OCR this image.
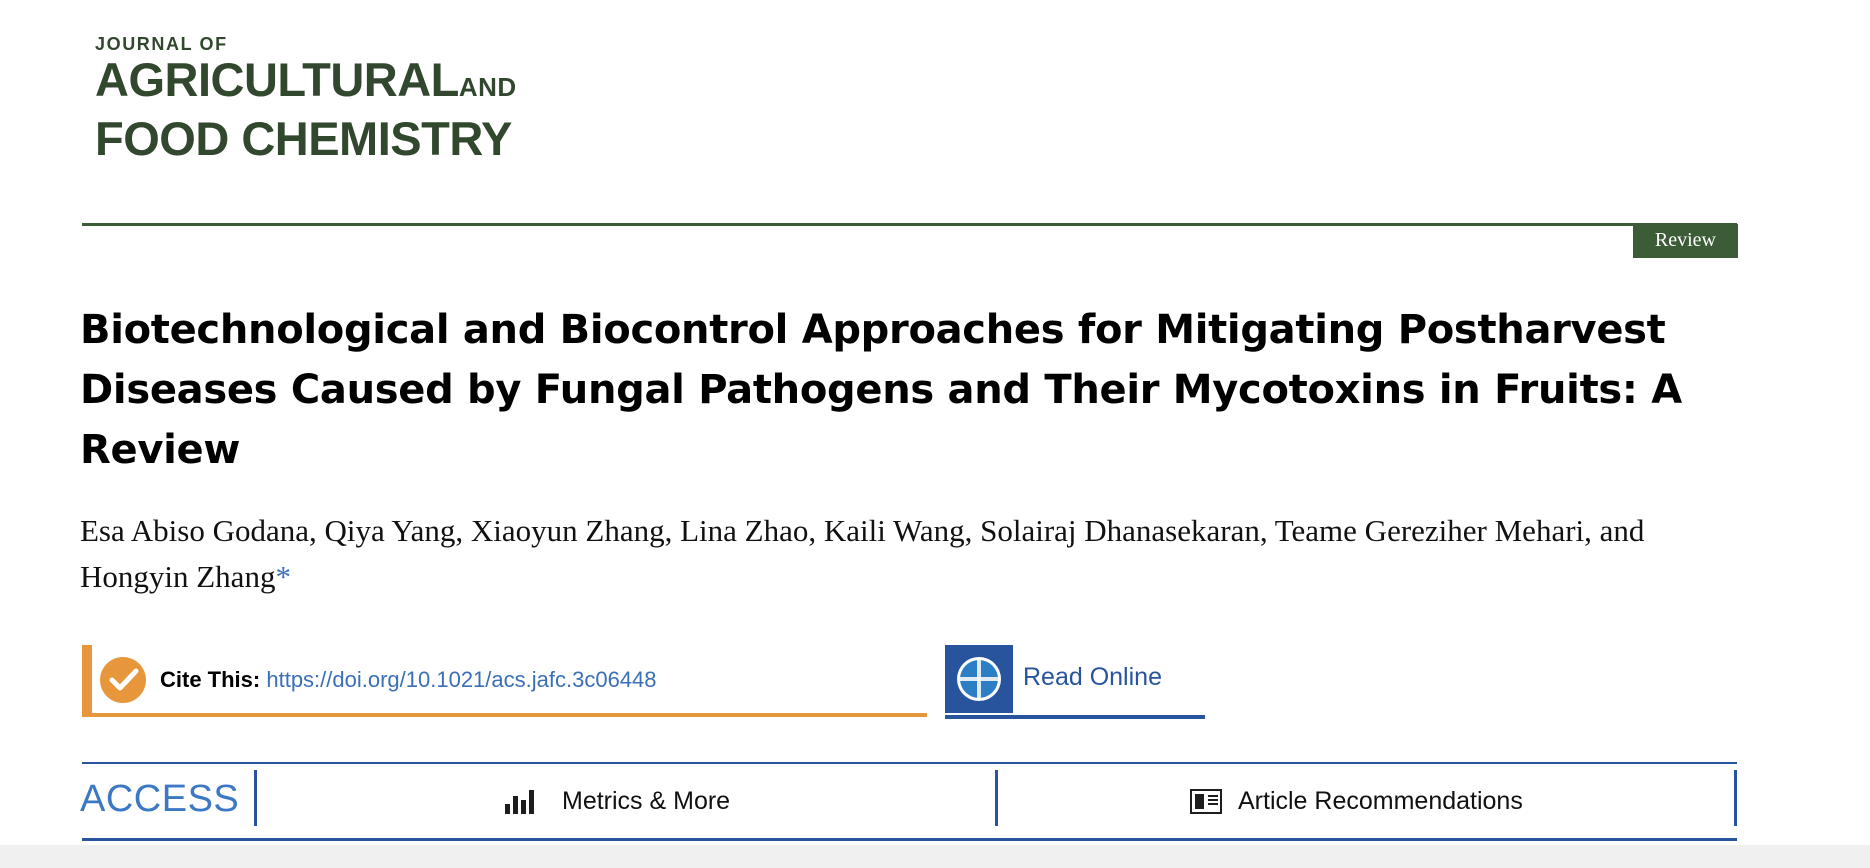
JOURNAL OF
AGRICULTURALAND
FOOD CHEMISTRY
Review
Biotechnological and Biocontrol Approaches for Mitigating Postharvest Diseases Caused by Fungal Pathogens and Their Mycotoxins in Fruits: A Review
Esa Abiso Godana, Qiya Yang, Xiaoyun Zhang, Lina Zhao, Kaili Wang, Solairaj Dhanasekaran, Teame Gereziher Mehari, and Hongyin Zhang*
Cite This: https://doi.org/10.1021/acs.jafc.3c06448	Read Online
ACCESS	Metrics & More	Article Recommendations
